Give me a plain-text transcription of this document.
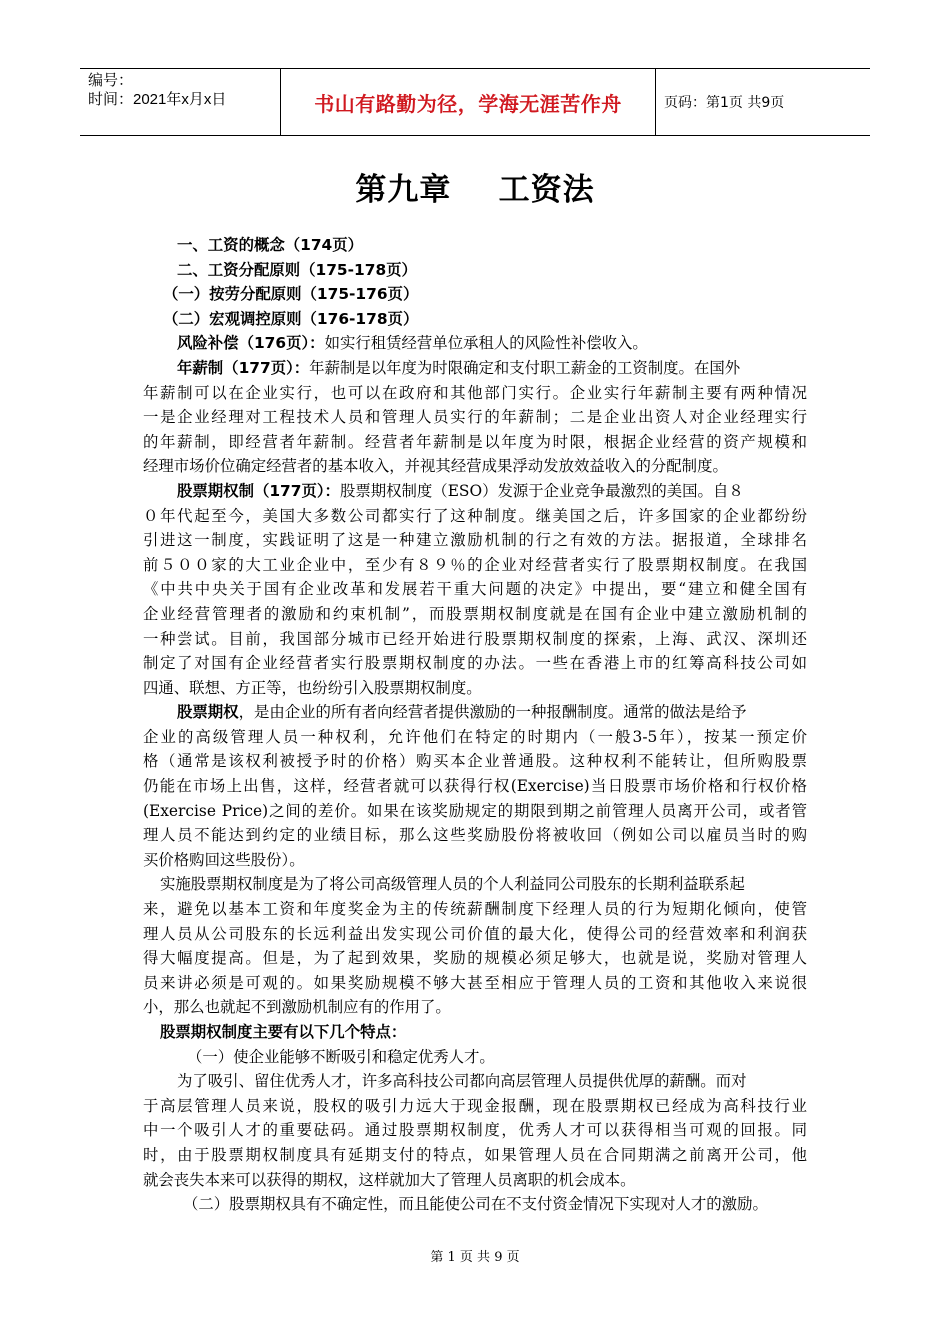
编号：
时间：2021年x月x日	书山有路勤为径，学海无涯苦作舟	页码：第1页 共9页
第九章    工资法
一、工资的概念（174页）
二、工资分配原则（175-178页）
（一）按劳分配原则（175-176页）
（二）宏观调控原则（176-178页）
风险补偿（176页）：如实行租赁经营单位承租人的风险性补偿收入。
年薪制（177页）：年薪制是以年度为时限确定和支付职工薪金的工资制度。在国外
年薪制可以在企业实行，也可以在政府和其他部门实行。企业实行年薪制主要有两种情况
一是企业经理对工程技术人员和管理人员实行的年薪制；二是企业出资人对企业经理实行
的年薪制，即经营者年薪制。经营者年薪制是以年度为时限，根据企业经营的资产规模和
经理市场价位确定经营者的基本收入，并视其经营成果浮动发放效益收入的分配制度。
股票期权制（177页）：股票期权制度（ESO）发源于企业竞争最激烈的美国。自８
０年代起至今，美国大多数公司都实行了这种制度。继美国之后，许多国家的企业都纷纷
引进这一制度，实践证明了这是一种建立激励机制的行之有效的方法。据报道，全球排名
前５００家的大工业企业中，至少有８９％的企业对经营者实行了股票期权制度。在我国
《中共中央关于国有企业改革和发展若干重大问题的决定》中提出，要“建立和健全国有
企业经营管理者的激励和约束机制”，而股票期权制度就是在国有企业中建立激励机制的
一种尝试。目前，我国部分城市已经开始进行股票期权制度的探索，上海、武汉、深圳还
制定了对国有企业经营者实行股票期权制度的办法。一些在香港上市的红筹高科技公司如
四通、联想、方正等，也纷纷引入股票期权制度。
股票期权，是由企业的所有者向经营者提供激励的一种报酬制度。通常的做法是给予
企业的高级管理人员一种权利，允许他们在特定的时期内（一般3-5年），按某一预定价
格（通常是该权利被授予时的价格）购买本企业普通股。这种权利不能转让，但所购股票
仍能在市场上出售，这样，经营者就可以获得行权(Exercise)当日股票市场价格和行权价格
(Exercise Price)之间的差价。如果在该奖励规定的期限到期之前管理人员离开公司，或者管
理人员不能达到约定的业绩目标，那么这些奖励股份将被收回（例如公司以雇员当时的购
买价格购回这些股份）。
实施股票期权制度是为了将公司高级管理人员的个人利益同公司股东的长期利益联系起
来，避免以基本工资和年度奖金为主的传统薪酬制度下经理人员的行为短期化倾向，使管
理人员从公司股东的长远利益出发实现公司价值的最大化，使得公司的经营效率和利润获
得大幅度提高。但是，为了起到效果，奖励的规模必须足够大，也就是说，奖励对管理人
员来讲必须是可观的。如果奖励规模不够大甚至相应于管理人员的工资和其他收入来说很
小，那么也就起不到激励机制应有的作用了。
股票期权制度主要有以下几个特点：
（一）使企业能够不断吸引和稳定优秀人才。
为了吸引、留住优秀人才，许多高科技公司都向高层管理人员提供优厚的薪酬。而对
于高层管理人员来说，股权的吸引力远大于现金报酬，现在股票期权已经成为高科技行业
中一个吸引人才的重要砝码。通过股票期权制度，优秀人才可以获得相当可观的回报。同
时，由于股票期权制度具有延期支付的特点，如果管理人员在合同期满之前离开公司，他
就会丧失本来可以获得的期权，这样就加大了管理人员离职的机会成本。
（二）股票期权具有不确定性，而且能使公司在不支付资金情况下实现对人才的激励。
第 1 页 共 9 页
